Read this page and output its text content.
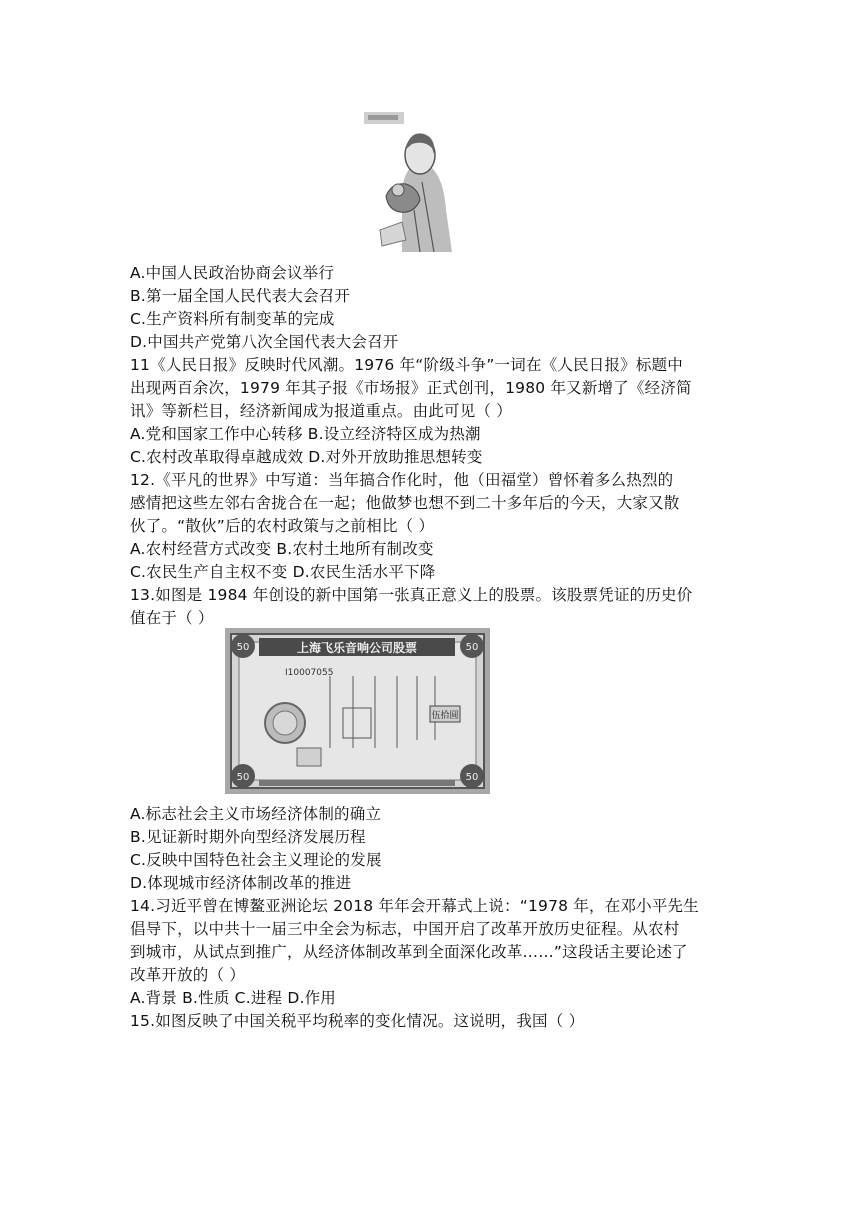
A.中国人民政治协商会议举行
B.第一届全国人民代表大会召开
C.生产资料所有制变革的完成
D.中国共产党第八次全国代表大会召开
11《人民日报》反映时代风潮。1976 年“阶级斗争”一词在《人民日报》标题中
出现两百余次，1979 年其子报《市场报》正式创刊，1980 年又新增了《经济简
讯》等新栏目，经济新闻成为报道重点。由此可见（ ）
A.党和国家工作中心转移 B.设立经济特区成为热潮
C.农村改革取得卓越成效 D.对外开放助推思想转变
12.《平凡的世界》中写道：当年搞合作化时，他（田福堂）曾怀着多么热烈的
感情把这些左邻右舍拢合在一起；他做梦也想不到二十多年后的今天，大家又散
伙了。“散伙”后的农村政策与之前相比（ ）
A.农村经营方式改变 B.农村土地所有制改变
C.农民生产自主权不变 D.农民生活水平下降
13.如图是 1984 年创设的新中国第一张真正意义上的股票。该股票凭证的历史价
值在于（ ）
50	50
50	50
上海飞乐音响公司股票
I10007055
伍拾圆
A.标志社会主义市场经济体制的确立
B.见证新时期外向型经济发展历程
C.反映中国特色社会主义理论的发展
D.体现城市经济体制改革的推进
14.习近平曾在博鳌亚洲论坛 2018 年年会开幕式上说：“1978 年，在邓小平先生
倡导下，以中共十一届三中全会为标志，中国开启了改革开放历史征程。从农村
到城市，从试点到推广，从经济体制改革到全面深化改革……”这段话主要论述了
改革开放的（ ）
A.背景 B.性质 C.进程 D.作用
15.如图反映了中国关税平均税率的变化情况。这说明，我国（ ）
